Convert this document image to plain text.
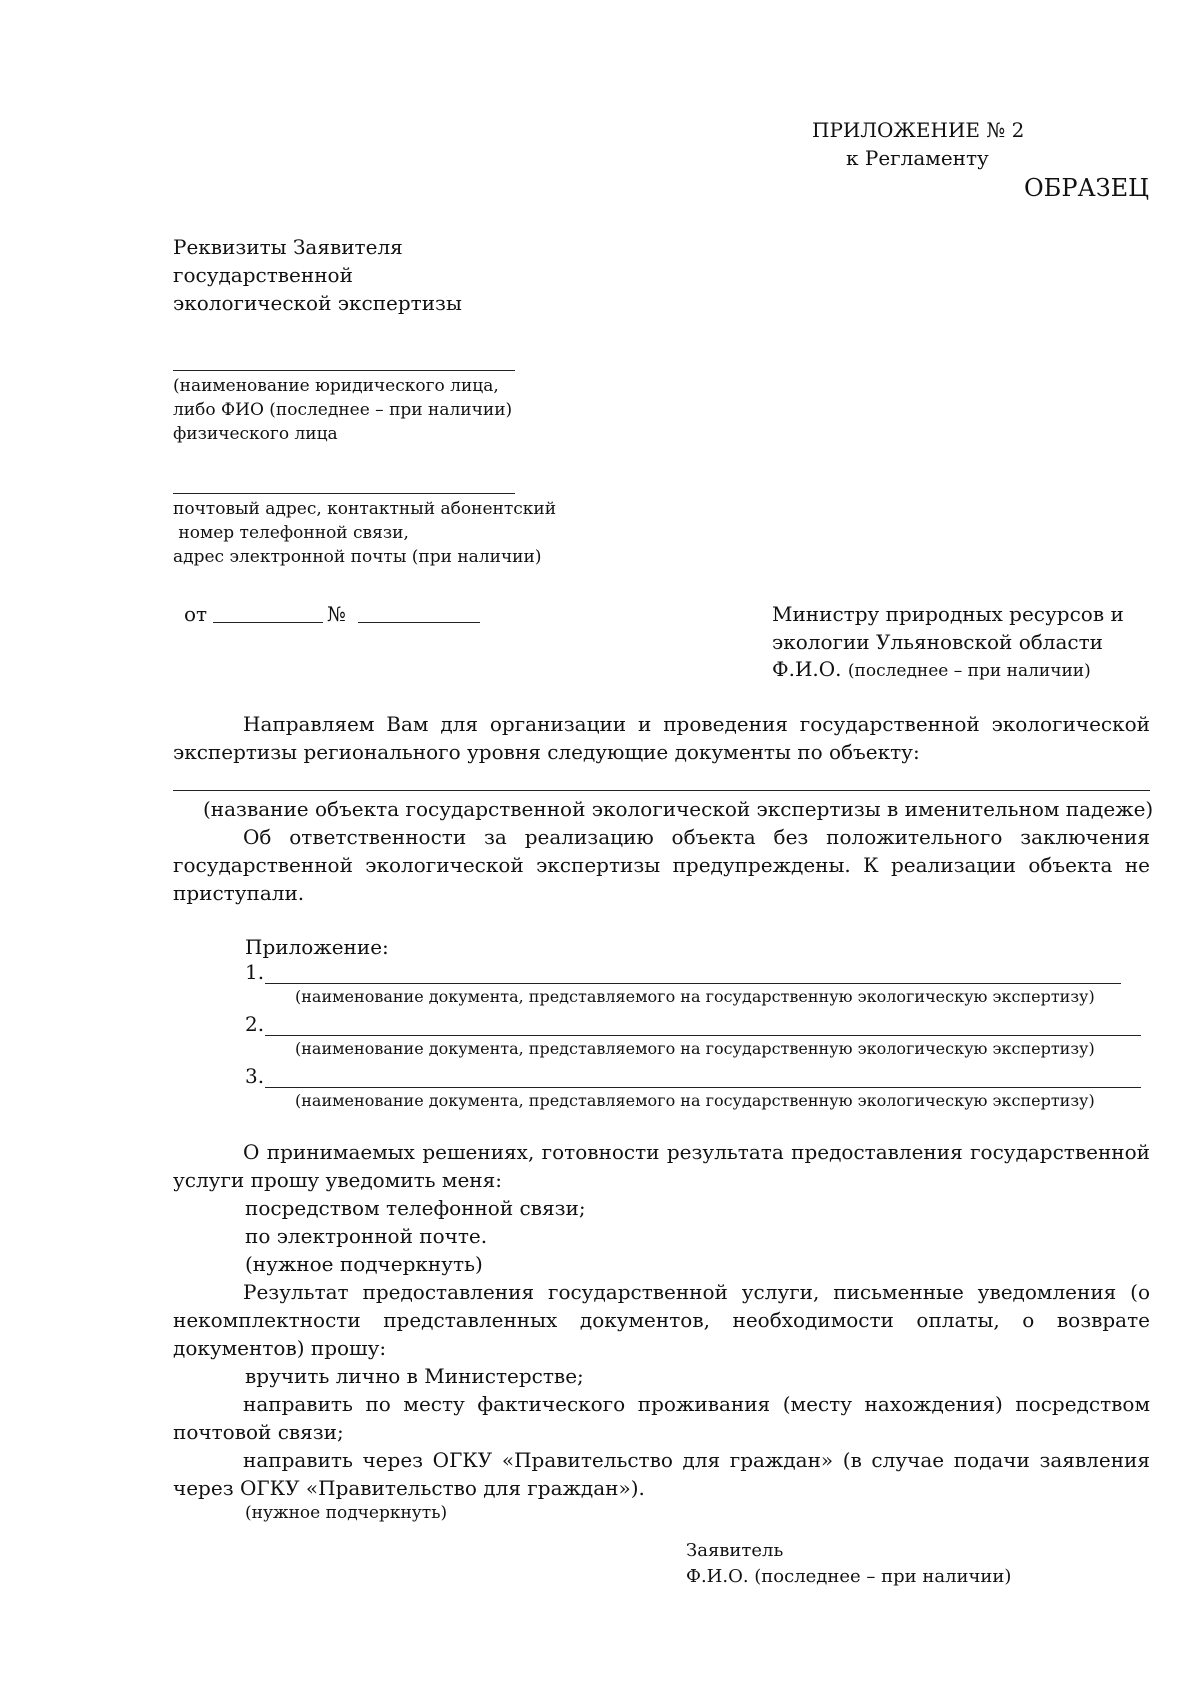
ПРИЛОЖЕНИЕ № 2

к Регламенту

ОБРАЗЕЦ

Реквизиты Заявителя

государственной

экологической экспертизы

(наименование юридического лица,

либо ФИО (последнее – при наличии)

физического лица

почтовый адрес, контактный абонентский

номер телефонной связи,

адрес электронной почты (при наличии)

от	№	Министру природных ресурсов и

экологии Ульяновской области

Ф.И.О. (последнее – при наличии)

Направляем Вам для организации и проведения государственной экологической экспертизы регионального уровня следующие документы по объекту:

(название объекта государственной экологической экспертизы в именительном падеже)

Об ответственности за реализацию объекта без положительного заключения государственной экологической экспертизы предупреждены. К реализации объекта не приступали.

Приложение:

1.

(наименование документа, представляемого на государственную экологическую экспертизу)

2.

(наименование документа, представляемого на государственную экологическую экспертизу)

3.

(наименование документа, представляемого на государственную экологическую экспертизу)

О принимаемых решениях, готовности результата предоставления государственной услуги прошу уведомить меня:

посредством телефонной связи;

по электронной почте.

(нужное подчеркнуть)

Результат предоставления государственной услуги, письменные уведомления (о некомплектности представленных документов, необходимости оплаты, о возврате документов) прошу:

вручить лично в Министерстве;

направить по месту фактического проживания (месту нахождения) посредством почтовой связи;

направить через ОГКУ «Правительство для граждан» (в случае подачи заявления через ОГКУ «Правительство для граждан»).

(нужное подчеркнуть)

Заявитель

Ф.И.О. (последнее – при наличии)
